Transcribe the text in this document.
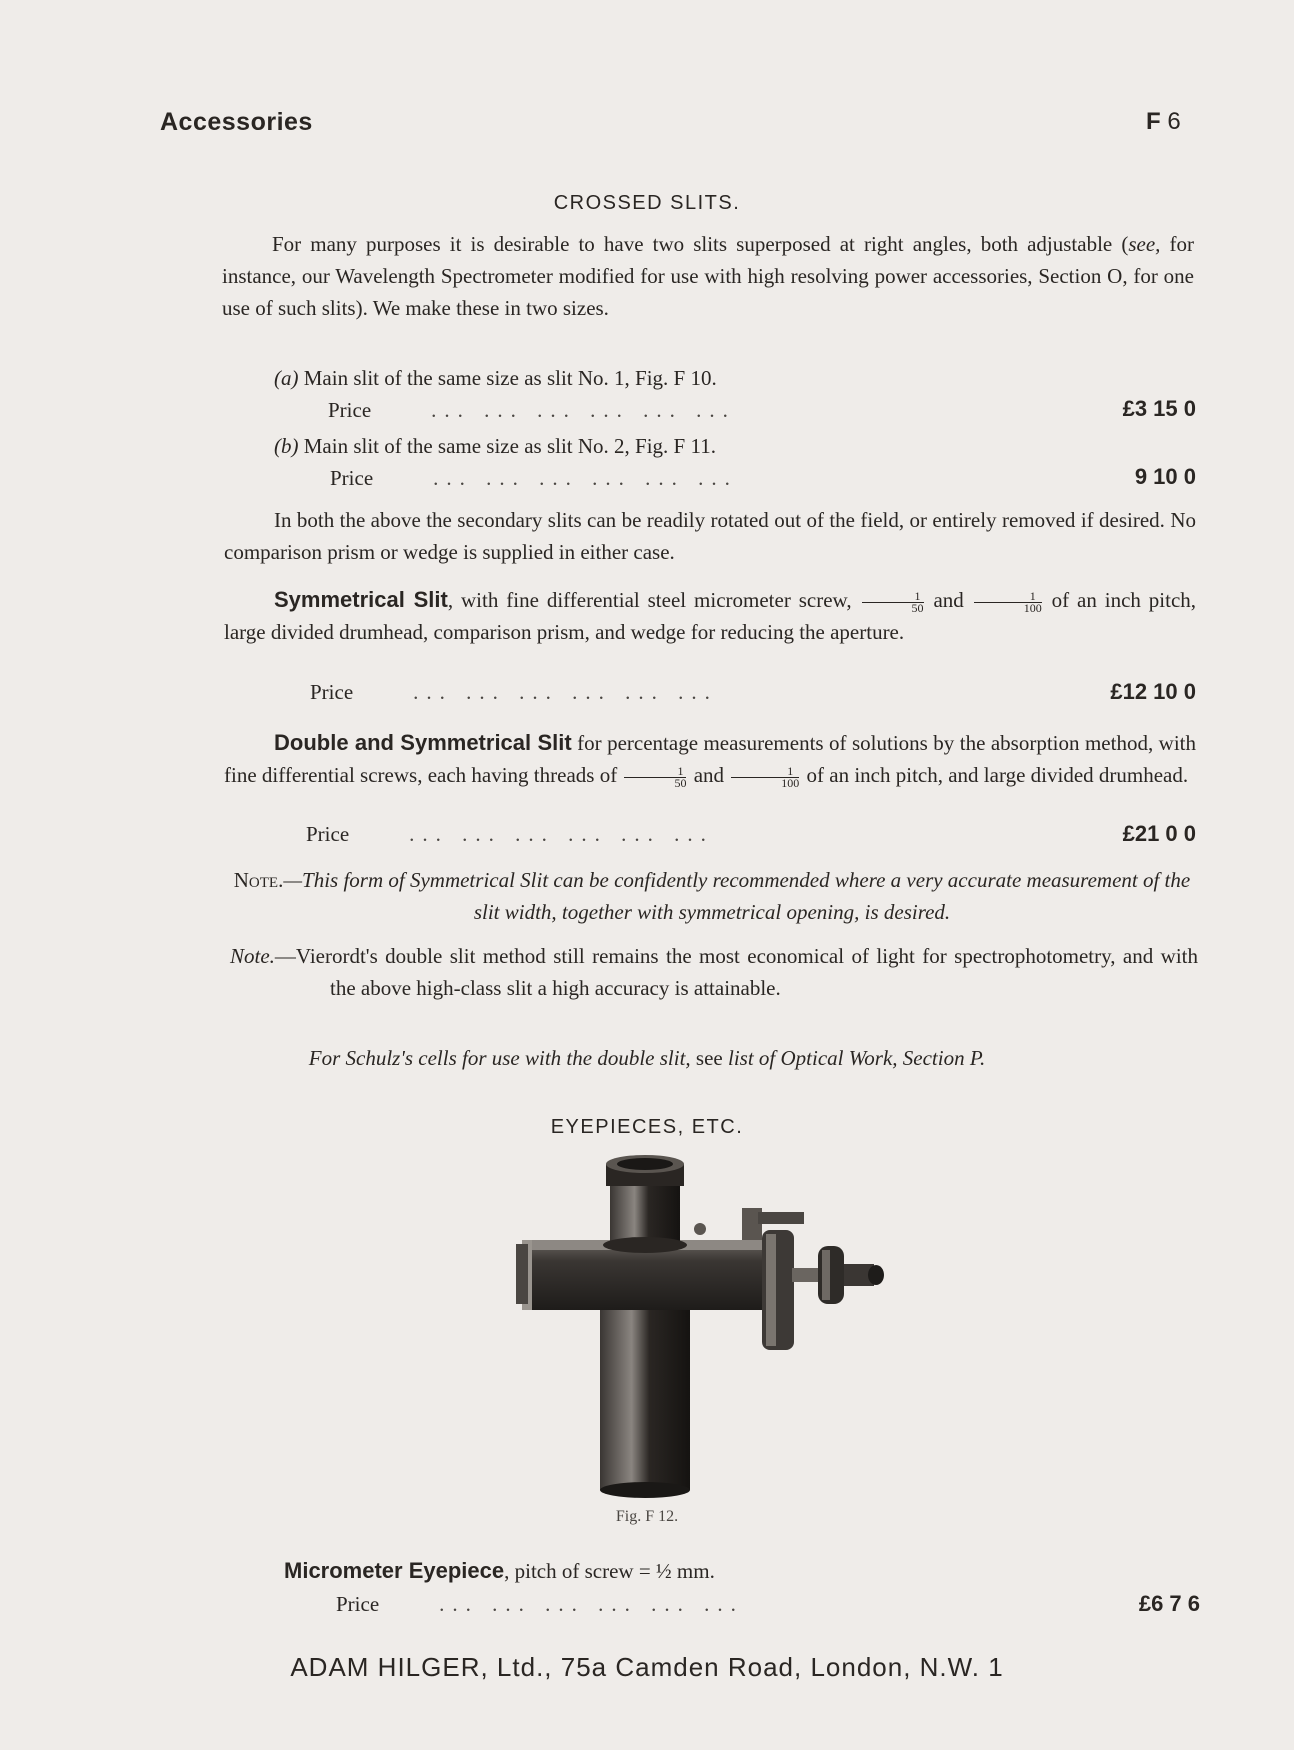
Accessories	F 6
CROSSED SLITS.
For many purposes it is desirable to have two slits superposed at right angles, both adjustable (see, for instance, our Wavelength Spectrometer modified for use with high resolving power accessories, Section O, for one use of such slits). We make these in two sizes.
(a) Main slit of the same size as slit No. 1, Fig. F 10.
Price	... ... ... ... ... ...	£3 15 0
(b) Main slit of the same size as slit No. 2, Fig. F 11.
Price	... ... ... ... ... ...	9 10 0
In both the above the secondary slits can be readily rotated out of the field, or entirely removed if desired. No comparison prism or wedge is supplied in either case.
Symmetrical Slit, with fine differential steel micrometer screw, $\frac{1}{50}$ and $\frac{1}{100}$ of an inch pitch, large divided drumhead, comparison prism, and wedge for reducing the aperture.
Price	... ... ... ... ... ...	£12 10 0
Double and Symmetrical Slit for percentage measurements of solutions by the absorption method, with fine differential screws, each having threads of $\frac{1}{50}$ and $\frac{1}{100}$ of an inch pitch, and large divided drumhead.
Price	... ... ... ... ... ...	£21 0 0
Note.—This form of Symmetrical Slit can be confidently recommended where a very accurate measurement of the slit width, together with symmetrical opening, is desired.
Note.—Vierordt's double slit method still remains the most economical of light for spectrophotometry, and with the above high-class slit a high accuracy is attainable.
For Schulz's cells for use with the double slit, see list of Optical Work, Section P.
EYEPIECES, ETC.
Fig. F 12.
Micrometer Eyepiece, pitch of screw = ½ mm.
Price	... ... ... ... ... ...	£6 7 6
ADAM HILGER, Ltd., 75a Camden Road, London, N.W. 1
